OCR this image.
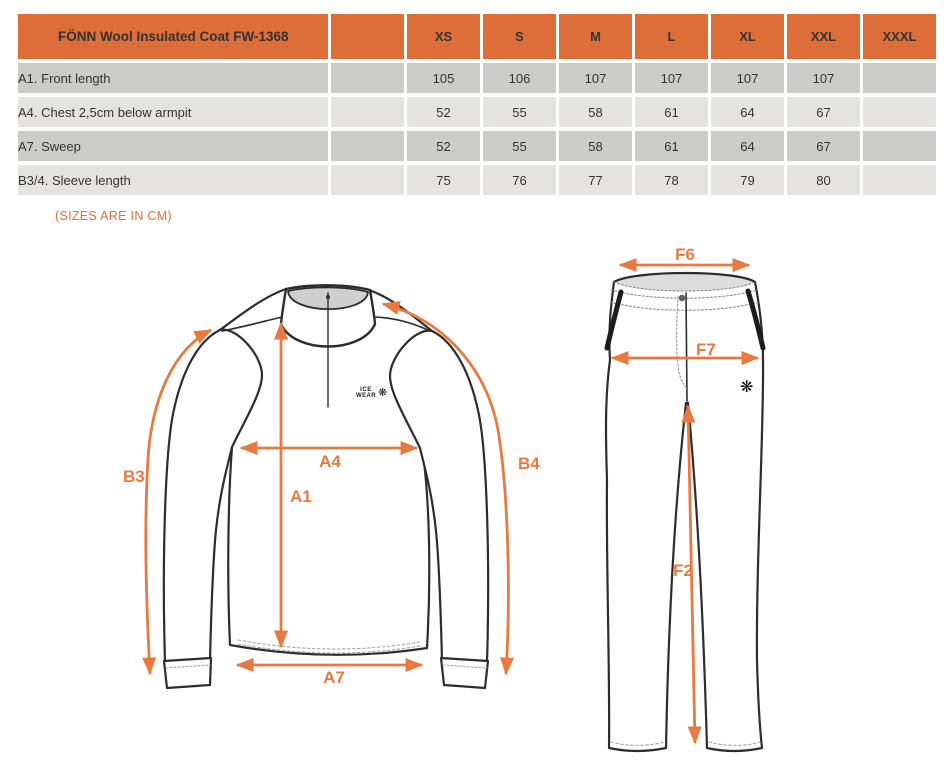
FÖNN Wool Insulated Coat FW-1368		XS	S	M	L	XL	XXL	XXXL
A1. Front length		105	106	107	107	107	107	
A4. Chest 2,5cm below armpit		52	55	58	61	64	67	
A7. Sweep		52	55	58	61	64	67	
B3/4. Sleeve length		75	76	77	78	79	80	
(SIZES ARE IN CM)
A4
A1
A7
B3
B4
F6
F7
F2
ICE
WEAR ❋	❋
